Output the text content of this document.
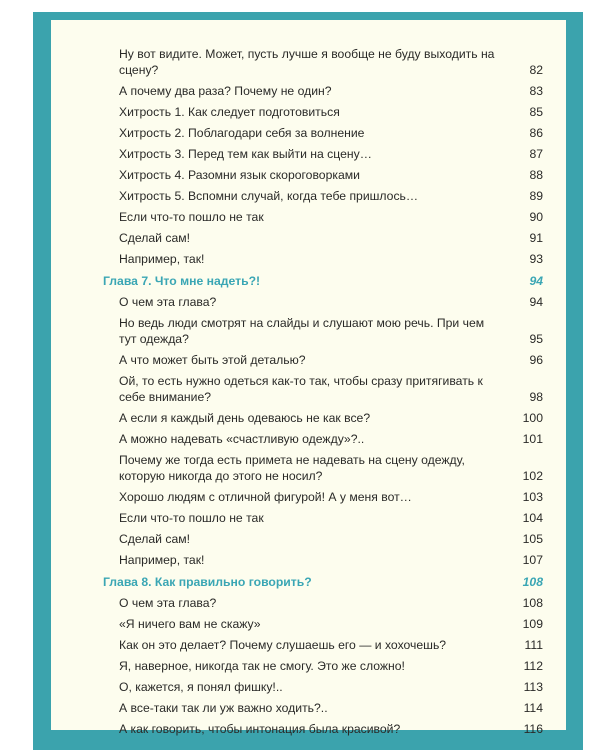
Ну вот видите. Может, пусть лучше я вообще не буду выходить на сцену?	82
А почему два раза? Почему не один?	83
Хитрость 1. Как следует подготовиться	85
Хитрость 2. Поблагодари себя за волнение	86
Хитрость 3. Перед тем как выйти на сцену…	87
Хитрость 4. Разомни язык скороговорками	88
Хитрость 5. Вспомни случай, когда тебе пришлось…	89
Если что-то пошло не так	90
Сделай сам!	91
Например, так!	93
Глава 7. Что мне надеть?!	94
О чем эта глава?	94
Но ведь люди смотрят на слайды и слушают мою речь. При чем тут одежда?	95
А что может быть этой деталью?	96
Ой, то есть нужно одеться как-то так, чтобы сразу притягивать к себе внимание?	98
А если я каждый день одеваюсь не как все?	100
А можно надевать «счастливую одежду»?..	101
Почему же тогда есть примета не надевать на сцену одежду, которую никогда до этого не носил?	102
Хорошо людям с отличной фигурой! А у меня вот…	103
Если что-то пошло не так	104
Сделай сам!	105
Например, так!	107
Глава 8. Как правильно говорить?	108
О чем эта глава?	108
«Я ничего вам не скажу»	109
Как он это делает? Почему слушаешь его — и хохочешь?	111
Я, наверное, никогда так не смогу. Это же сложно!	112
О, кажется, я понял фишку!..	113
А все-таки так ли уж важно ходить?..	114
А как говорить, чтобы интонация была красивой?	116
